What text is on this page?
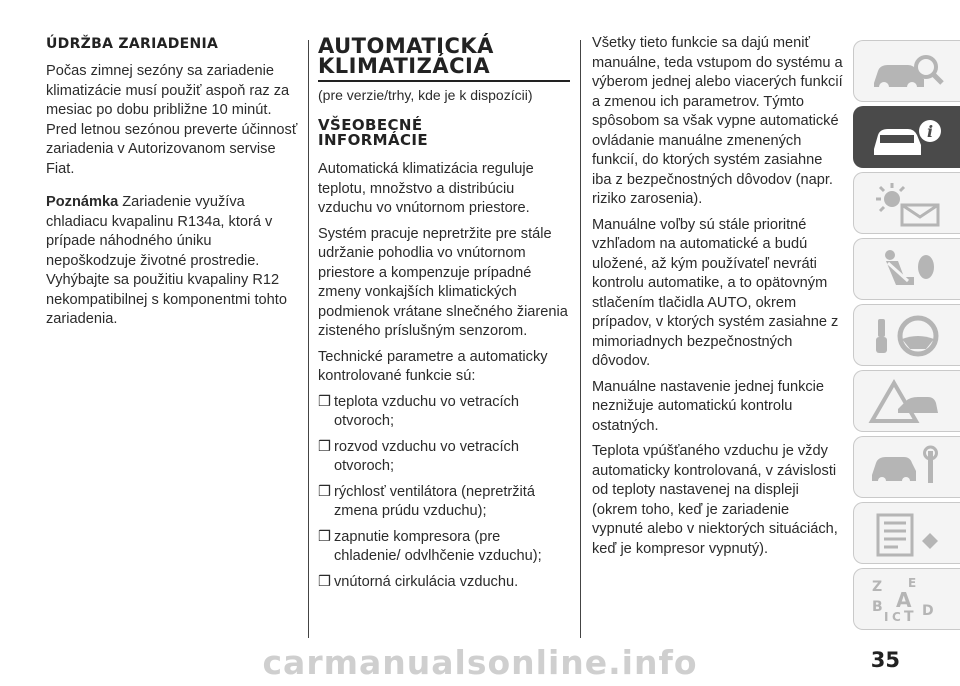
ÚDRŽBA ZARIADENIA

Počas zimnej sezóny sa zariadenie klimatizácie musí použiť aspoň raz za mesiac po dobu približne 10 minút. Pred letnou sezónou preverte účinnosť zariadenia v Autorizovanom servise Fiat.

Poznámka Zariadenie využíva chladiacu kvapalinu R134a, ktorá v prípade náhodného úniku nepoškodzuje životné prostredie. Vyhýbajte sa použitiu kvapaliny R12 nekompatibilnej s komponentmi tohto zariadenia.

AUTOMATICKÁ
KLIMATIZÁCIA
(pre verzie/trhy, kde je k dispozícii)
VŠEOBECNÉ
INFORMÁCIE

Automatická klimatizácia reguluje teplotu, množstvo a distribúciu vzduchu vo vnútornom priestore.

Systém pracuje nepretržite pre stále udržanie pohodlia vo vnútornom priestore a kompenzuje prípadné zmeny vonkajších klimatických podmienok vrátane slnečného žiarenia zisteného príslušným senzorom.

Technické parametre a automaticky kontrolované funkcie sú:

❒ teplota vzduchu vo vetracích otvoroch;
❒ rozvod vzduchu vo vetracích otvoroch;
❒ rýchlosť ventilátora (nepretržitá zmena prúdu vzduchu);
❒ zapnutie kompresora (pre chladenie/ odvlhčenie vzduchu);
❒ vnútorná cirkulácia vzduchu.

Všetky tieto funkcie sa dajú meniť manuálne, teda vstupom do systému a výberom jednej alebo viacerých funkcií a zmenou ich parametrov. Týmto spôsobom sa však vypne automatické ovládanie manuálne zmenených funkcií, do ktorých systém zasiahne iba z bezpečnostných dôvodov (napr. riziko zarosenia).

Manuálne voľby sú stále prioritné vzhľadom na automatické a budú uložené, až kým používateľ nevráti kontrolu automatike, a to opätovným stlačením tlačidla AUTO, okrem prípadov, v ktorých systém zasiahne z mimoriadnych bezpečnostných dôvodov.

Manuálne nastavenie jednej funkcie neznižuje automatickú kontrolu ostatných.

Teplota vpúšťaného vzduchu je vždy automaticky kontrolovaná, v závislosti od teploty nastavenej na displeji (okrem toho, keď je zariadenie vypnuté alebo v niektorých situáciách, keď je kompresor vypnutý).

i
Z E
B A
I C T D
35
carmanualsonline.info
